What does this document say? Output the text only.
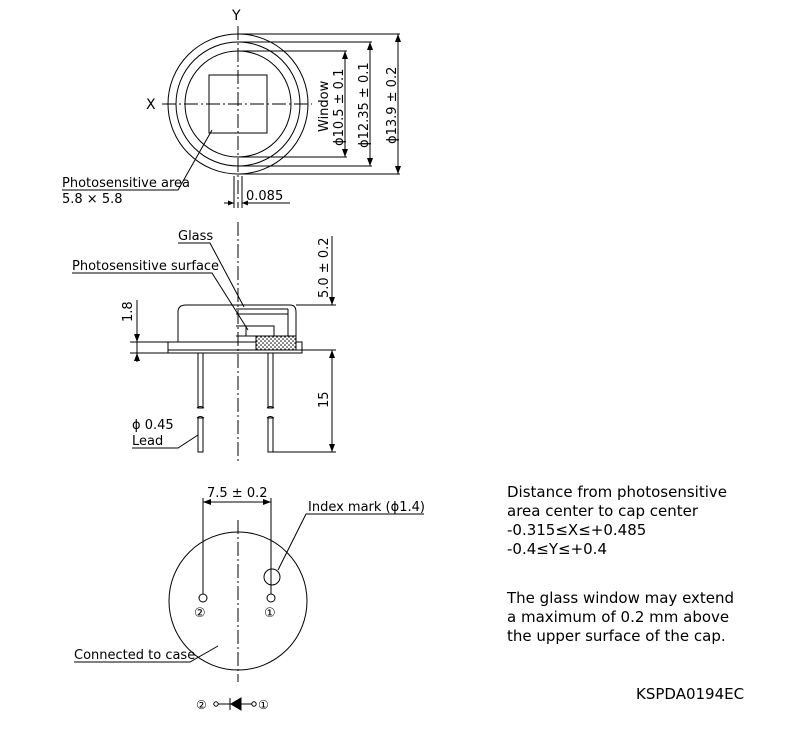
Y
X	Window ϕ10.5 ± 0.1 ϕ12.35 ± 0.1 ϕ13.9 ± 0.2
Photosensitive area
5.8 × 5.8	0.085
Glass
Photosensitive surface	5.0 ± 0.2
1.8
15
ϕ 0.45
Lead
7.5 ± 0.2
Index mark (ϕ1.4)
②	①
Connected to case
②	①
Distance from photosensitive
area center to cap center
-0.315≤X≤+0.485
-0.4≤Y≤+0.4
The glass window may extend
a maximum of 0.2 mm above
the upper surface of the cap.
KSPDA0194EC
